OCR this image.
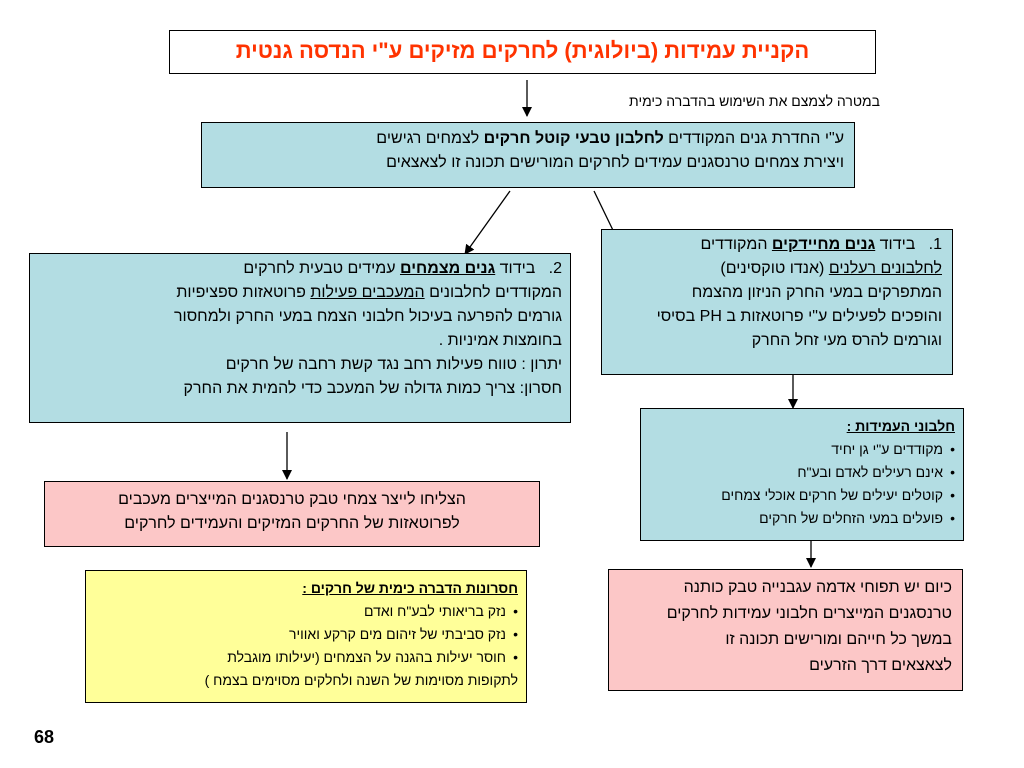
הקניית עמידות (ביולוגית) לחרקים מזיקים ע"י הנדסה גנטית
במטרה לצמצם את השימוש בהדברה כימית
ע"י החדרת גנים המקודדים לחלבון טבעי קוטל חרקים לצמחים רגישים
ויצירת צמחים טרנסגנים עמידים לחרקים המורישים תכונה זו לצאצאים
1.   בידוד גנים מחיידקים המקודדים
לחלבונים רעלנים (אנדו טוקסינים)
המתפרקים במעי החרק הניזון מהצמח
והופכים לפעילים ע"י פרוטאזות ב PH בסיסי
וגורמים להרס מעי זחל החרק
2.   בידוד גנים מצמחים עמידים טבעית לחרקים
המקודדים לחלבונים המעכבים פעילות פרוטאזות ספציפיות
גורמים להפרעה בעיכול חלבוני הצמח במעי החרק ולמחסור
בחומצות אמיניות .
יתרון : טווח פעילות רחב נגד קשת רחבה של חרקים
חסרון: צריך כמות גדולה של המעכב כדי להמית את החרק
חלבוני העמידות :
• מקודדים ע"י גן יחיד
• אינם רעילים לאדם ובע"ח
• קוטלים יעילים של חרקים אוכלי צמחים
• פועלים במעי הזחלים של חרקים
כיום יש תפוחי אדמה עגבנייה טבק כותנה
טרנסגנים המייצרים חלבוני עמידות לחרקים
במשך כל חייהם ומורישים תכונה זו
לצאצאים דרך הזרעים
הצליחו לייצר צמחי טבק טרנסגנים המייצרים מעכבים
לפרוטאזות של החרקים המזיקים והעמידים לחרקים
חסרונות הדברה כימית של חרקים :
• נזק בריאותי לבע"ח ואדם
• נזק סביבתי של זיהום מים קרקע ואוויר
• חוסר יעילות בהגנה על הצמחים (יעילותו מוגבלת
לתקופות מסוימות של השנה ולחלקים מסוימים בצמח )
68
